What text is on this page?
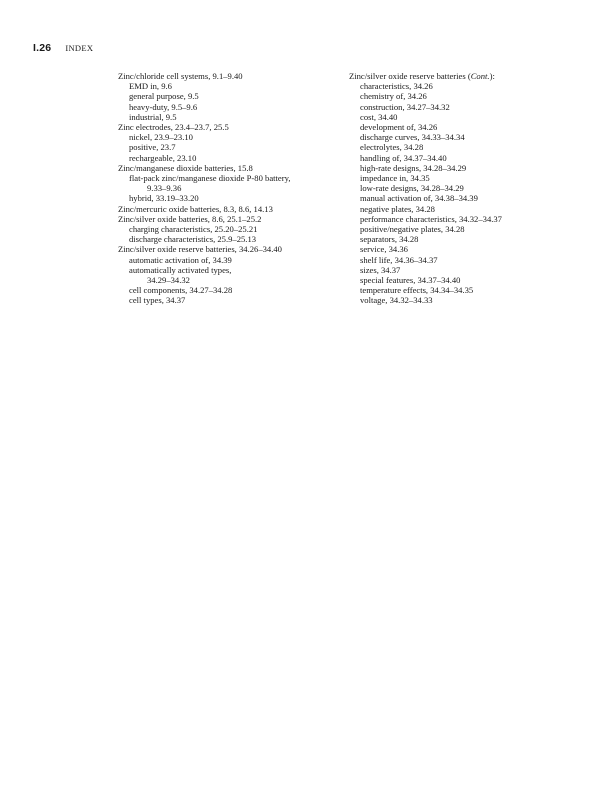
I.26 INDEX
Zinc/chloride cell systems, 9.1–9.40
EMD in, 9.6
general purpose, 9.5
heavy-duty, 9.5–9.6
industrial, 9.5
Zinc electrodes, 23.4–23.7, 25.5
nickel, 23.9–23.10
positive, 23.7
rechargeable, 23.10
Zinc/manganese dioxide batteries, 15.8
flat-pack zinc/manganese dioxide P-80 battery,
9.33–9.36
hybrid, 33.19–33.20
Zinc/mercuric oxide batteries, 8.3, 8.6, 14.13
Zinc/silver oxide batteries, 8.6, 25.1–25.2
charging characteristics, 25.20–25.21
discharge characteristics, 25.9–25.13
Zinc/silver oxide reserve batteries, 34.26–34.40
automatic activation of, 34.39
automatically activated types,
34.29–34.32
cell components, 34.27–34.28
cell types, 34.37
Zinc/silver oxide reserve batteries (Cont.):
characteristics, 34.26
chemistry of, 34.26
construction, 34.27–34.32
cost, 34.40
development of, 34.26
discharge curves, 34.33–34.34
electrolytes, 34.28
handling of, 34.37–34.40
high-rate designs, 34.28–34.29
impedance in, 34.35
low-rate designs, 34.28–34.29
manual activation of, 34.38–34.39
negative plates, 34.28
performance characteristics, 34.32–34.37
positive/negative plates, 34.28
separators, 34.28
service, 34.36
shelf life, 34.36–34.37
sizes, 34.37
special features, 34.37–34.40
temperature effects, 34.34–34.35
voltage, 34.32–34.33
